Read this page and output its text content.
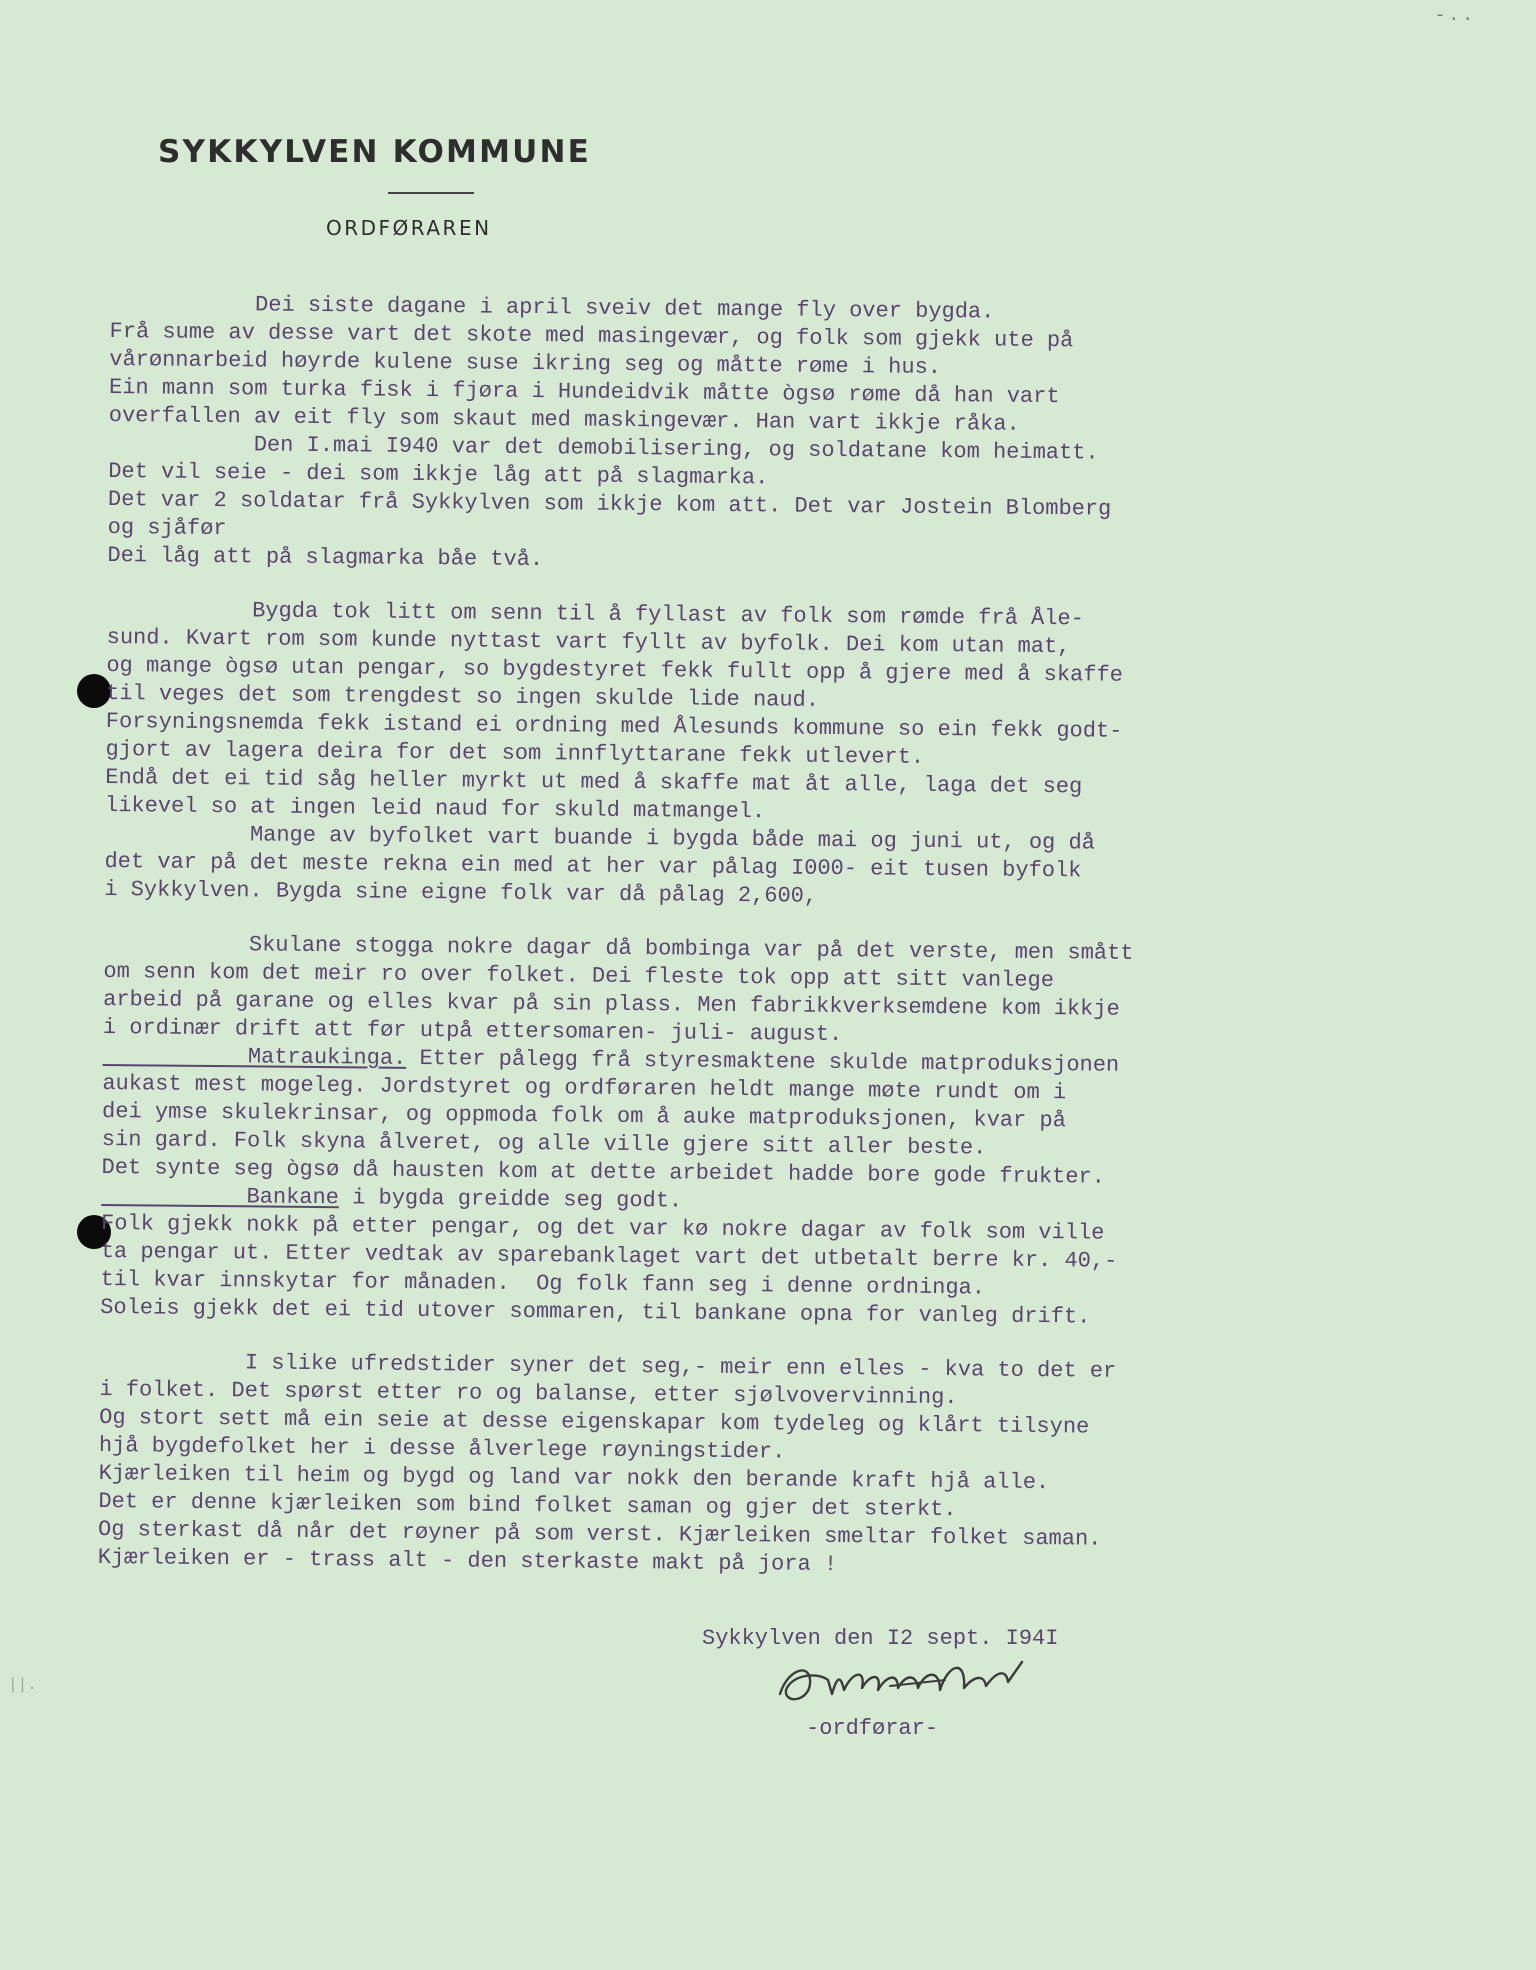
-..
||.
SYKKYLVEN KOMMUNE
ORDFØRAREN

Dei siste dagane i april sveiv det mange fly over bygda.

Frå sume av desse vart det skote med masingevær, og folk som gjekk ute på

vårønnarbeid høyrde kulene suse ikring seg og måtte røme i hus.

Ein mann som turka fisk i fjøra i Hundeidvik måtte ògsø røme då han vart

overfallen av eit fly som skaut med maskingevær. Han vart ikkje råka.

Den I.mai I940 var det demobilisering, og soldatane kom heimatt.

Det vil seie - dei som ikkje låg att på slagmarka.

Det var 2 soldatar frå Sykkylven som ikkje kom att. Det var Jostein Blomberg

og sjåfør

Dei låg att på slagmarka båe två.

Bygda tok litt om senn til å fyllast av folk som rømde frå Åle-

sund. Kvart rom som kunde nyttast vart fyllt av byfolk. Dei kom utan mat,

og mange ògsø utan pengar, so bygdestyret fekk fullt opp å gjere med å skaffe

til veges det som trengdest so ingen skulde lide naud.

Forsyningsnemda fekk istand ei ordning med Ålesunds kommune so ein fekk godt-

gjort av lagera deira for det som innflyttarane fekk utlevert.

Endå det ei tid såg heller myrkt ut med å skaffe mat åt alle, laga det seg

likevel so at ingen leid naud for skuld matmangel.

Mange av byfolket vart buande i bygda både mai og juni ut, og då

det var på det meste rekna ein med at her var pålag I000- eit tusen byfolk

i Sykkylven. Bygda sine eigne folk var då pålag 2,600,

Skulane stogga nokre dagar då bombinga var på det verste, men smått

om senn kom det meir ro over folket. Dei fleste tok opp att sitt vanlege

arbeid på garane og elles kvar på sin plass. Men fabrikkverksemdene kom ikkje

i ordinær drift att før utpå ettersomaren- juli- august.

Matraukinga. Etter pålegg frå styresmaktene skulde matproduksjonen

aukast mest mogeleg. Jordstyret og ordføraren heldt mange møte rundt om i

dei ymse skulekrinsar, og oppmoda folk om å auke matproduksjonen, kvar på

sin gard. Folk skyna ålveret, og alle ville gjere sitt aller beste.

Det synte seg ògsø då hausten kom at dette arbeidet hadde bore gode frukter.

Bankane i bygda greidde seg godt.

Folk gjekk nokk på etter pengar, og det var kø nokre dagar av folk som ville

ta pengar ut. Etter vedtak av sparebanklaget vart det utbetalt berre kr. 40,-

til kvar innskytar for månaden.  Og folk fann seg i denne ordninga.

Soleis gjekk det ei tid utover sommaren, til bankane opna for vanleg drift.

I slike ufredstider syner det seg,- meir enn elles - kva to det er

i folket. Det spørst etter ro og balanse, etter sjølvovervinning.

Og stort sett må ein seie at desse eigenskapar kom tydeleg og klårt tilsyne

hjå bygdefolket her i desse ålverlege røyningstider.

Kjærleiken til heim og bygd og land var nokk den berande kraft hjå alle.

Det er denne kjærleiken som bind folket saman og gjer det sterkt.

Og sterkast då når det røyner på som verst. Kjærleiken smeltar folket saman.

Kjærleiken er - trass alt - den sterkaste makt på jora !

Sykkylven den I2 sept. I94I

-ordførar-
